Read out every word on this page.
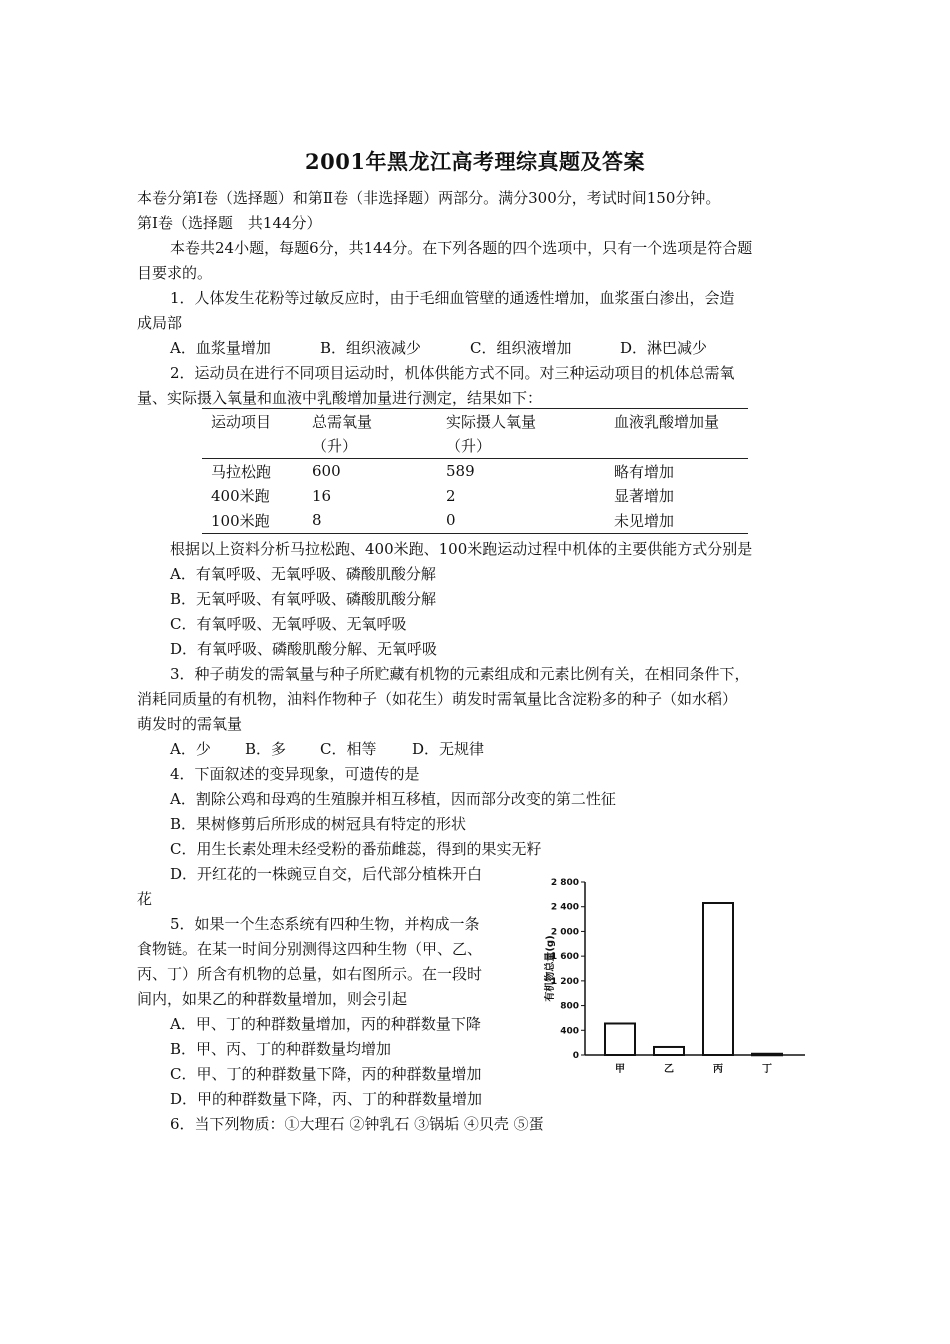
2001年黑龙江高考理综真题及答案
本卷分第Ⅰ卷（选择题）和第Ⅱ卷（非选择题）两部分。满分300分，考试时间150分钟。
第Ⅰ卷（选择题　共144分）
本卷共24小题，每题6分，共144分。在下列各题的四个选项中，只有一个选项是符合题
目要求的。
1．人体发生花粉等过敏反应时，由于毛细血管壁的通透性增加，血浆蛋白渗出，会造
成局部
A．血浆量增加	B．组织液减少	C．组织液增加	D．淋巴减少
2．运动员在进行不同项目运动时，机体供能方式不同。对三种运动项目的机体总需氧
量、实际摄入氧量和血液中乳酸增加量进行测定，结果如下：
运动项目	总需氧量	实际摄人氧量	血液乳酸增加量
	（升）	（升）	
马拉松跑	600	589	略有增加
400米跑	16	2	显著增加
100米跑	8	0	未见增加
根据以上资料分析马拉松跑、400米跑、100米跑运动过程中机体的主要供能方式分别是
A．有氧呼吸、无氧呼吸、磷酸肌酸分解
B．无氧呼吸、有氧呼吸、磷酸肌酸分解
C．有氧呼吸、无氧呼吸、无氧呼吸
D．有氧呼吸、磷酸肌酸分解、无氧呼吸
3．种子萌发的需氧量与种子所贮藏有机物的元素组成和元素比例有关，在相同条件下，
消耗同质量的有机物，油料作物种子（如花生）萌发时需氧量比含淀粉多的种子（如水稻）
萌发时的需氧量
A．少 B．多 C．相等 D．无规律
4．下面叙述的变异现象，可遗传的是
A．割除公鸡和母鸡的生殖腺并相互移植，因而部分改变的第二性征
B．果树修剪后所形成的树冠具有特定的形状
C．用生长素处理未经受粉的番茄雌蕊，得到的果实无籽
D．开红花的一株豌豆自交，后代部分植株开白
花
5．如果一个生态系统有四种生物，并构成一条
食物链。在某一时间分别测得这四种生物（甲、乙、
丙、丁）所含有机物的总量，如右图所示。在一段时
间内，如果乙的种群数量增加，则会引起
A．甲、丁的种群数量增加，丙的种群数量下降
B．甲、丙、丁的种群数量均增加
C．甲、丁的种群数量下降，丙的种群数量增加
D．甲的种群数量下降，丙、丁的种群数量增加
6．当下列物质：①大理石 ②钟乳石 ③锅垢 ④贝壳 ⑤蛋
0
400
800
1 200
1 600
2 000
2 400
2 800
有机物总量(g)
甲	乙	丙	丁
